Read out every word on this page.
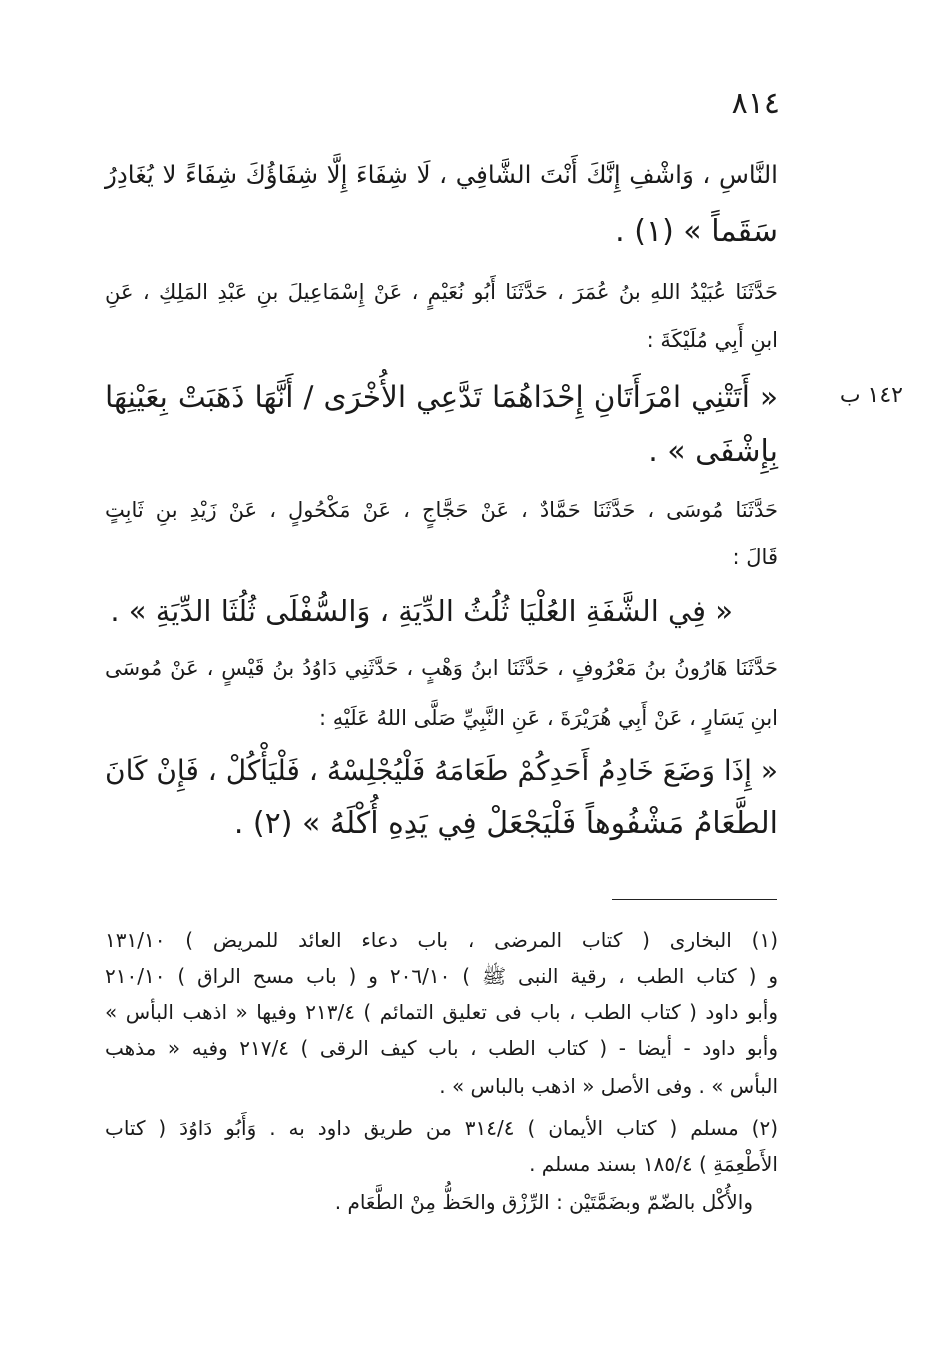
٨١٤
١٤٢ ب
النَّاسِ ، وَاشْفِ إِنَّكَ أَنْتَ الشَّافِي ، لَا شِفَاءَ إِلَّا شِفَاؤُكَ شِفَاءً لا يُغَادِرُ
سَقَماً » (١) .
حَدَّثَنَا عُبَيْدُ اللهِ بنُ عُمَرَ ، حَدَّثَنَا أَبُو نُعَيْمٍ ، عَنْ إِسْمَاعِيلَ بنِ عَبْدِ المَلِكِ ، عَنِ
ابنِ أَبِي مُلَيْكَةَ :
« أَتَتْنِي امْرَأَتَانِ إِحْدَاهُمَا تَدَّعِي الأُخْرَى / أَنَّهَا ذَهَبَتْ بِعَيْنِهَا
بِإِشْفَى » .
حَدَّثَنَا مُوسَى ، حَدَّثَنَا حَمَّادٌ ، عَنْ حَجَّاجٍ ، عَنْ مَكْحُولٍ ، عَنْ زَيْدِ بنِ ثَابِتٍ
قَالَ :
« فِي الشَّفَةِ العُلْيَا ثُلُثُ الدِّيَةِ ، وَالسُّفْلَى ثُلُثَا الدِّيَةِ » .
حَدَّثَنَا هَارُونُ بنُ مَعْرُوفٍ ، حَدَّثَنَا ابنُ وَهْبٍ ، حَدَّثَنِي دَاوُدُ بنُ قَيْسٍ ، عَنْ مُوسَى
ابنِ يَسَارٍ ، عَنْ أَبِي هُرَيْرَةَ ، عَنِ النَّبِيِّ صَلَّى اللهُ عَلَيْهِ :
« إِذَا وَضَعَ خَادِمُ أَحَدِكُمْ طَعَامَهُ فَلْيُجْلِسْهُ ، فَلْيَأْكُلْ ، فَإِنْ كَانَ
الطَّعَامُ مَشْفُوهاً فَلْيَجْعَلْ فِي يَدِهِ أُكْلَهُ » (٢) .
(١) البخارى ( كتاب المرضى ، باب دعاء العائد للمريض ) ١٣١/١٠
و ( كتاب الطب ، رقية النبى ﷺ ) ٢٠٦/١٠ و ( باب مسح الراق ) ٢١٠/١٠
وأبو داود ( كتاب الطب ، باب فى تعليق التمائم ) ٢١٣/٤ وفيها « اذهب البأس »
وأبو داود - أيضا - ( كتاب الطب ، باب كيف الرقى ) ٢١٧/٤ وفيه « مذهب
البأس » . وفى الأصل « اذهب بالباس » .
(٢) مسلم ( كتاب الأيمان ) ٣١٤/٤ من طريق داود به . وَأَبُو دَاوُدَ ( كتاب
الأَطْعِمَةِ ) ١٨٥/٤ بسند مسلم .
والأُكْل بالضّمّ وبضَمَّتَيْن : الرِّزْق والحَظُّ مِنْ الطَّعَام .
